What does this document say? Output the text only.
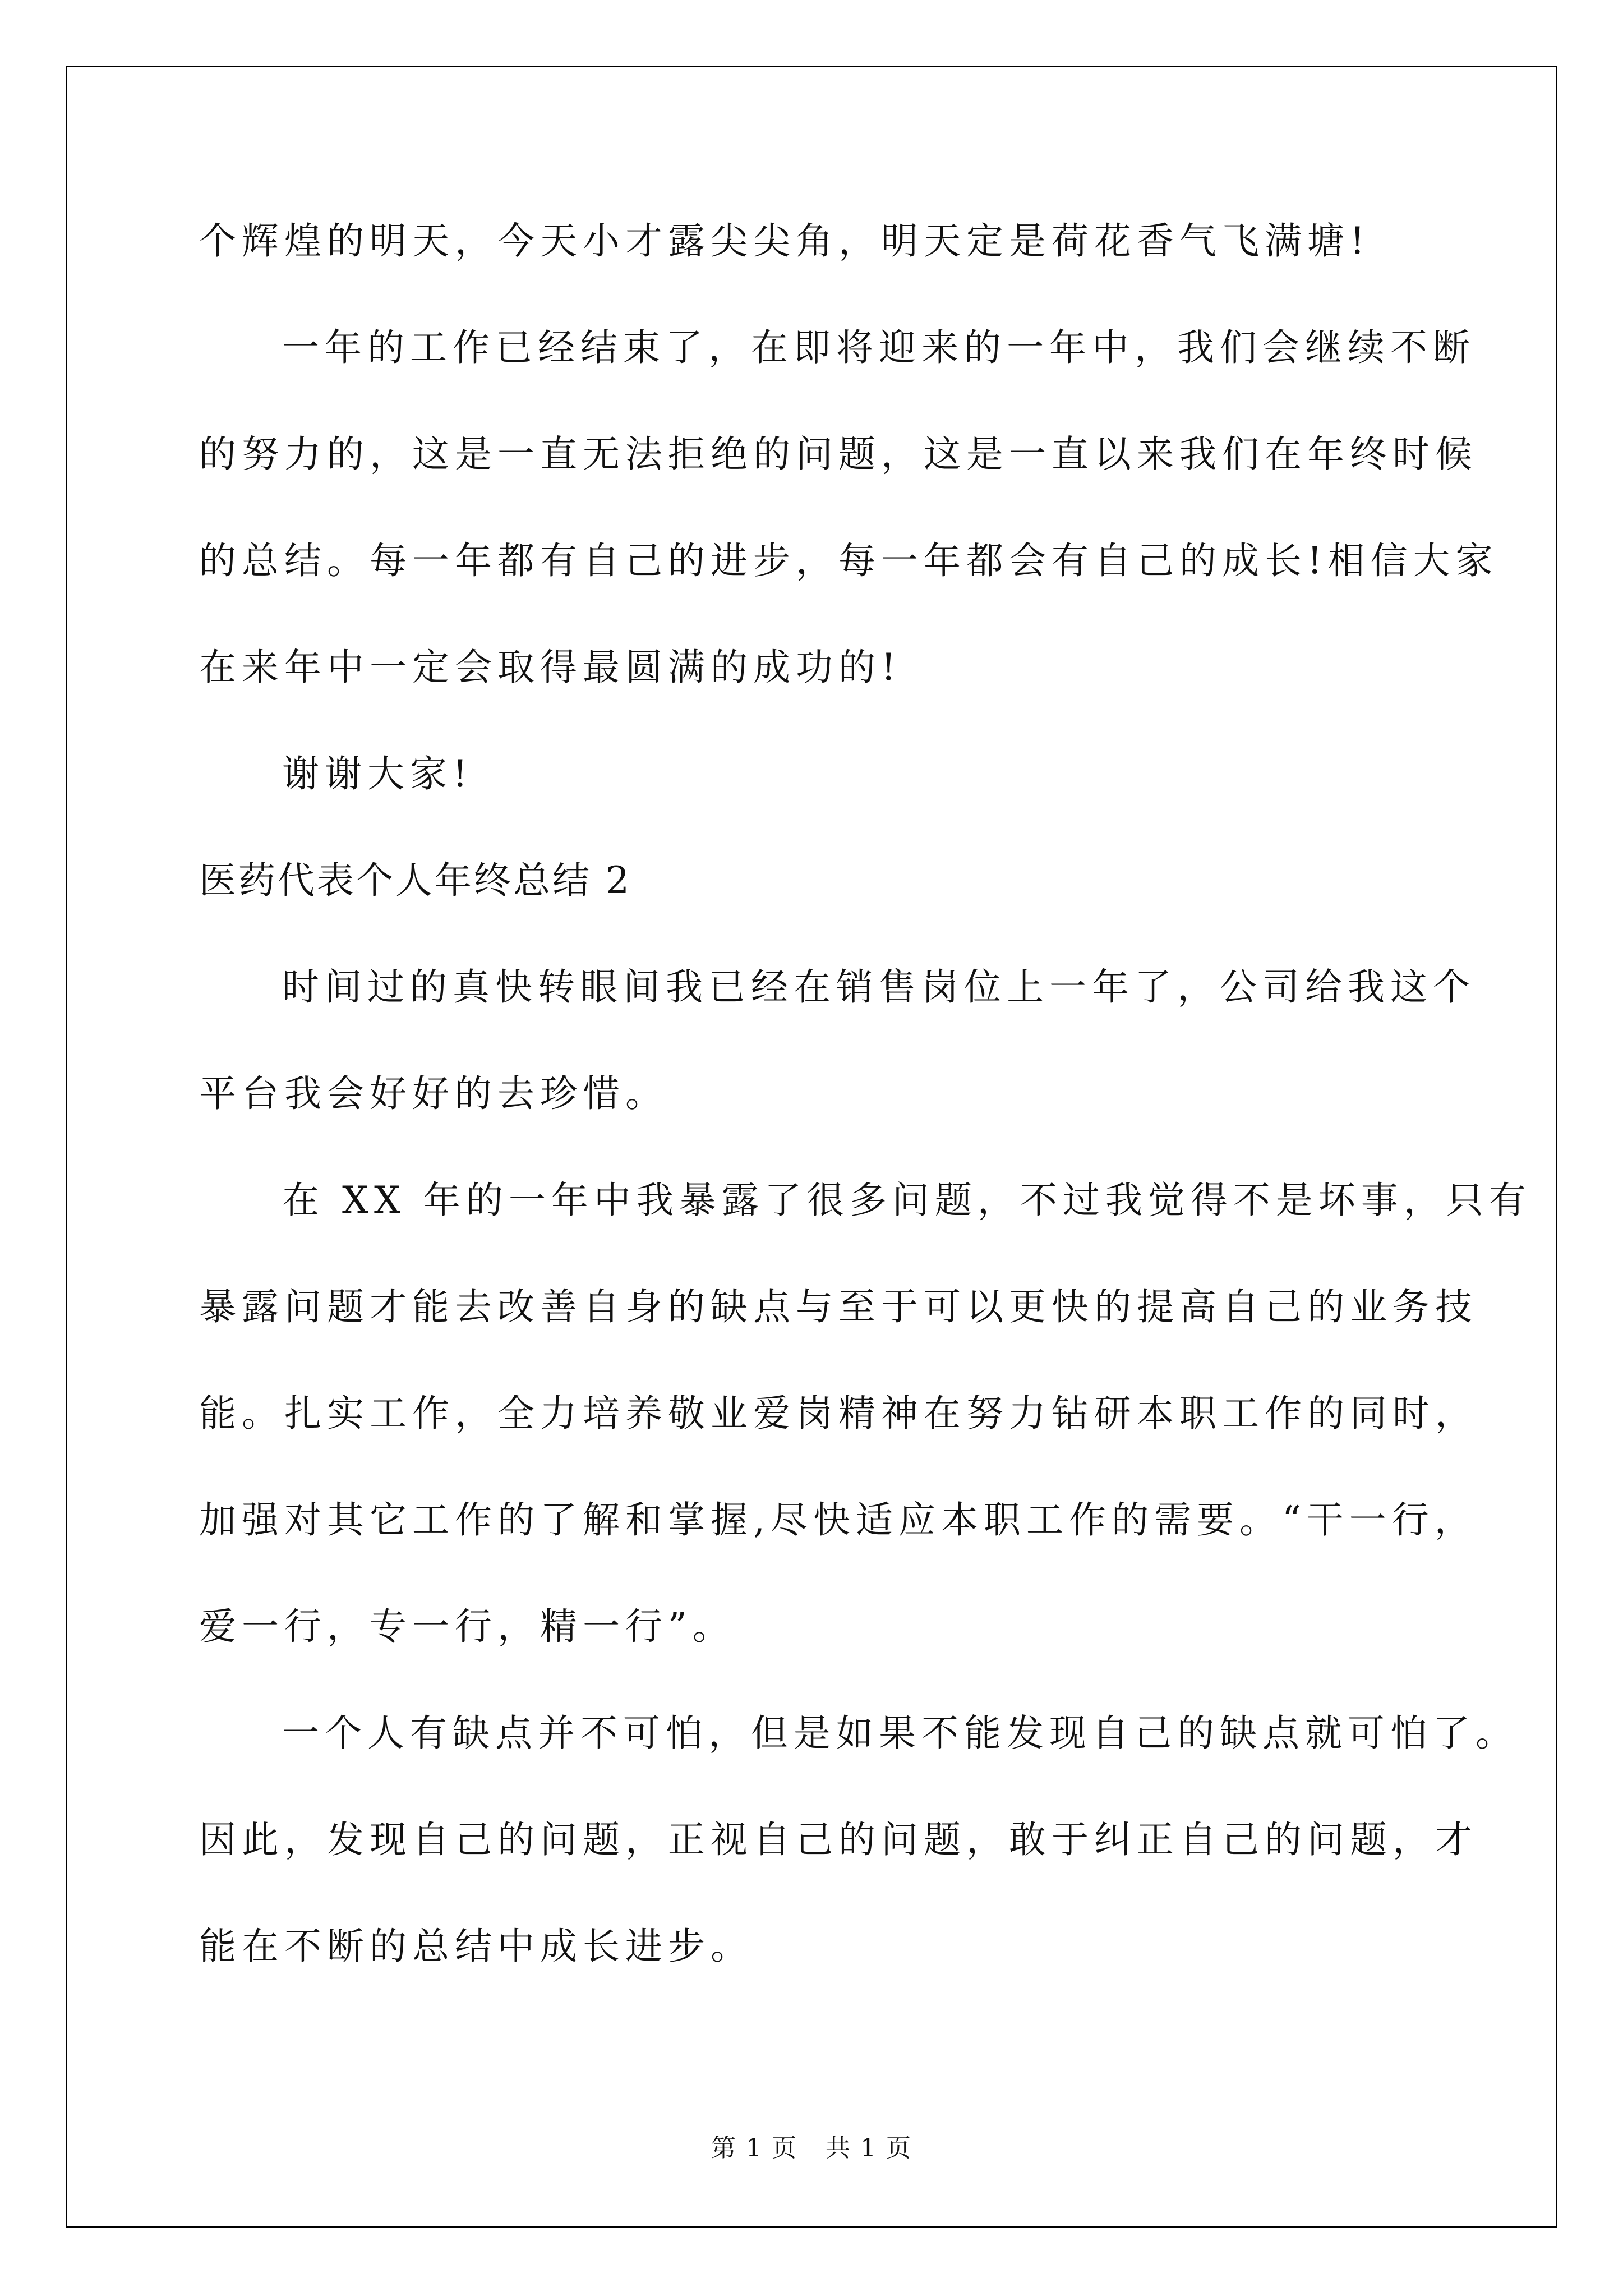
个辉煌的明天，今天小才露尖尖角，明天定是荷花香气飞满塘!
一年的工作已经结束了，在即将迎来的一年中，我们会继续不断
的努力的，这是一直无法拒绝的问题，这是一直以来我们在年终时候
的总结。每一年都有自己的进步，每一年都会有自己的成长!相信大家
在来年中一定会取得最圆满的成功的!
谢谢大家!
医药代表个人年终总结 2
时间过的真快转眼间我已经在销售岗位上一年了，公司给我这个
平台我会好好的去珍惜。
在 XX 年的一年中我暴露了很多问题，不过我觉得不是坏事，只有
暴露问题才能去改善自身的缺点与至于可以更快的提高自己的业务技
能。扎实工作，全力培养敬业爱岗精神在努力钻研本职工作的同时，
加强对其它工作的了解和掌握,尽快适应本职工作的需要。“干一行，
爱一行，专一行，精一行”。
一个人有缺点并不可怕，但是如果不能发现自己的缺点就可怕了。
因此，发现自己的问题，正视自己的问题，敢于纠正自己的问题，才
能在不断的总结中成长进步。
第 1 页 共 1 页
